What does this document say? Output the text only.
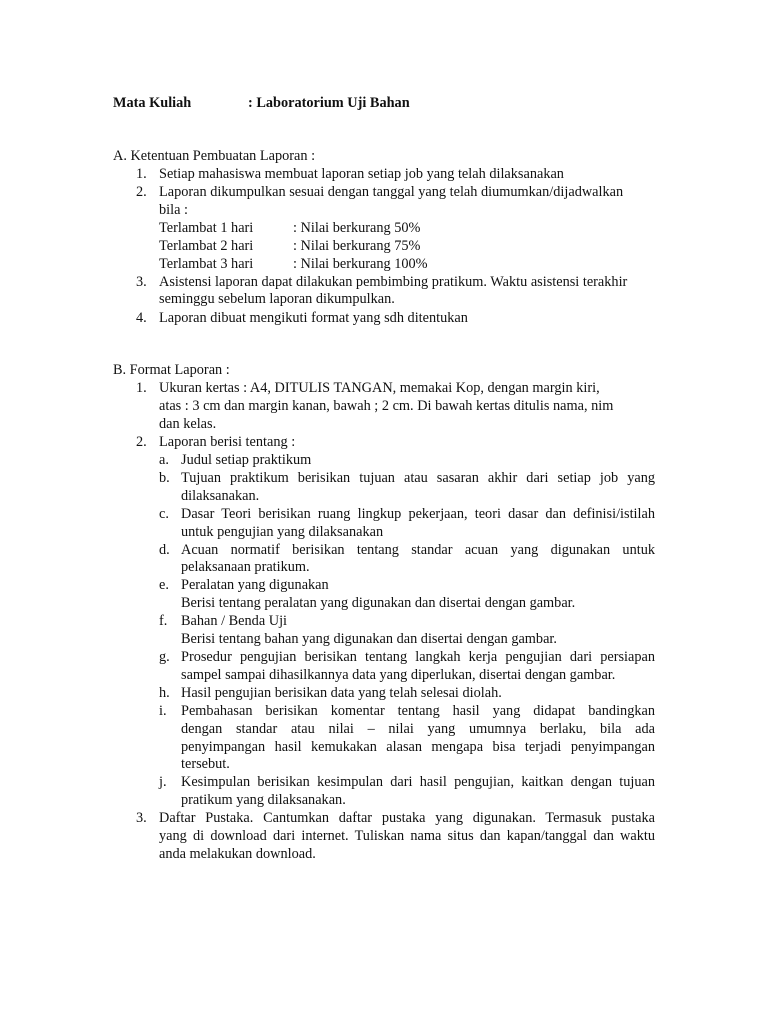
Mata Kuliah	: Laboratorium Uji Bahan
A. Ketentuan Pembuatan Laporan :
1. Setiap mahasiswa membuat laporan setiap job yang telah dilaksanakan
2. Laporan dikumpulkan sesuai dengan tanggal yang telah diumumkan/dijadwalkan
bila :
Terlambat 1 hari	: Nilai berkurang 50%
Terlambat 2 hari	: Nilai berkurang 75%
Terlambat 3 hari	: Nilai berkurang 100%
3. Asistensi laporan dapat dilakukan pembimbing pratikum. Waktu asistensi terakhir
seminggu sebelum laporan dikumpulkan.
4. Laporan dibuat mengikuti format yang sdh ditentukan
B. Format Laporan :
1. Ukuran kertas : A4, DITULIS TANGAN, memakai Kop, dengan margin kiri,
atas : 3 cm dan margin kanan, bawah ; 2 cm. Di bawah kertas ditulis nama, nim
dan kelas.
2. Laporan berisi tentang :
a. Judul setiap praktikum
b. Tujuan praktikum berisikan tujuan atau sasaran akhir dari setiap job yang
dilaksanakan.
c. Dasar Teori berisikan ruang lingkup pekerjaan, teori dasar dan definisi/istilah
untuk pengujian yang dilaksanakan
d. Acuan normatif berisikan tentang standar acuan yang digunakan untuk
pelaksanaan pratikum.
e. Peralatan yang digunakan
Berisi tentang peralatan yang digunakan dan disertai dengan gambar.
f. Bahan / Benda Uji
Berisi tentang bahan yang digunakan dan disertai dengan gambar.
g. Prosedur pengujian berisikan tentang langkah kerja pengujian dari persiapan
sampel sampai dihasilkannya data yang diperlukan, disertai dengan gambar.
h. Hasil pengujian berisikan data yang telah selesai diolah.
i. Pembahasan berisikan komentar tentang hasil yang didapat bandingkan
dengan standar atau nilai – nilai yang umumnya berlaku, bila ada
penyimpangan hasil kemukakan alasan mengapa bisa terjadi penyimpangan
tersebut.
j. Kesimpulan berisikan kesimpulan dari hasil pengujian, kaitkan dengan tujuan
pratikum yang dilaksanakan.
3. Daftar Pustaka. Cantumkan daftar pustaka yang digunakan. Termasuk pustaka
yang di download dari internet. Tuliskan nama situs dan kapan/tanggal dan waktu
anda melakukan download.
